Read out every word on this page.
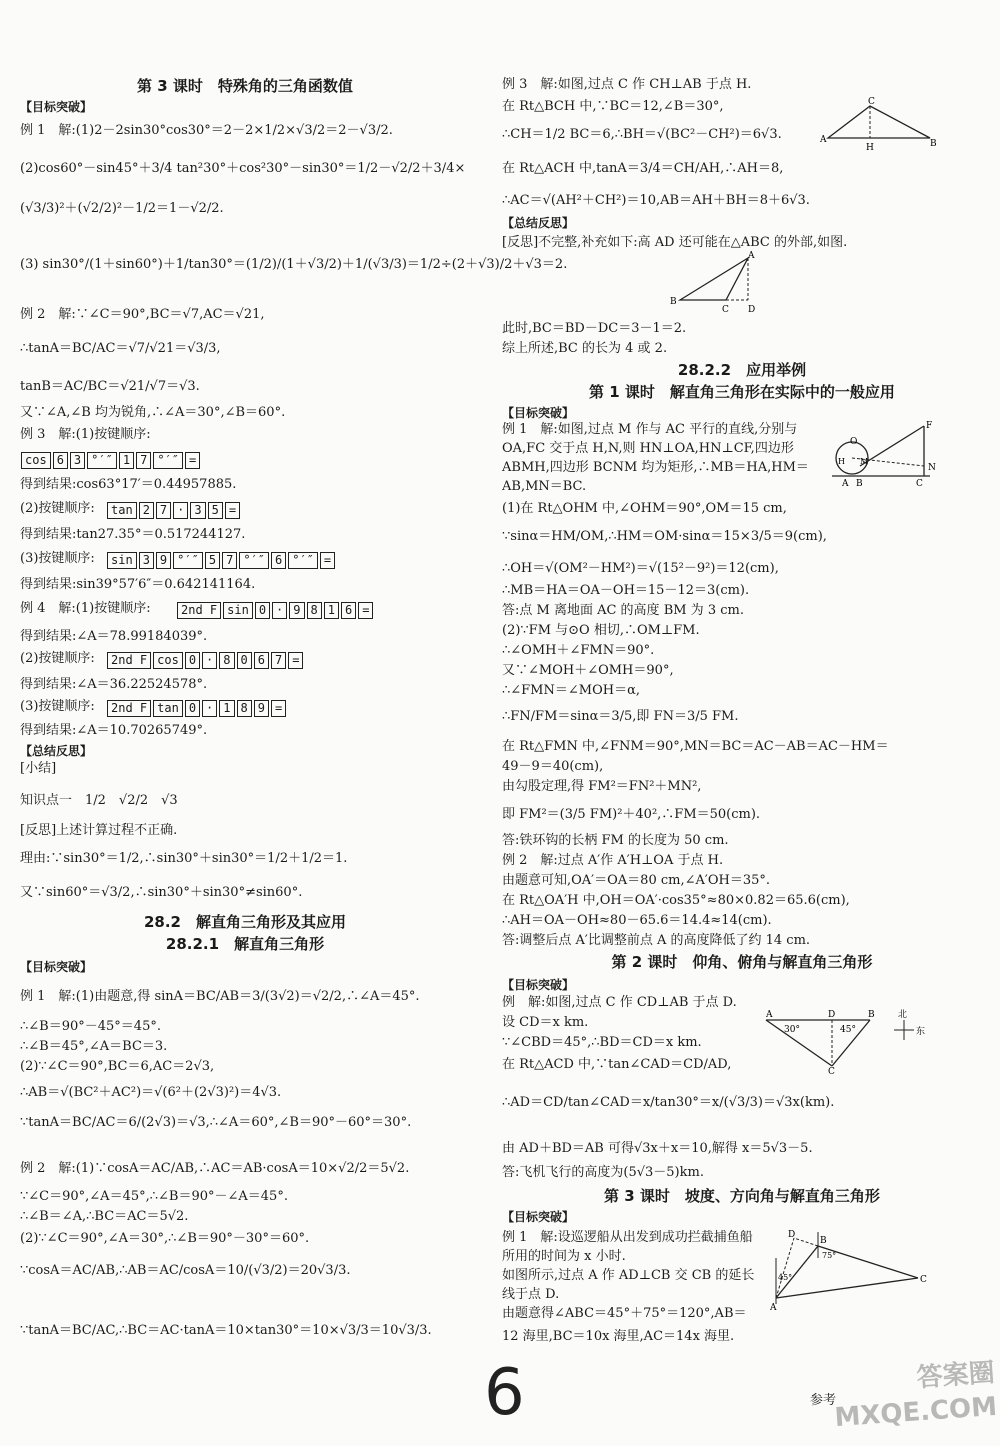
例 1　解:如图,过点 M 作与 AC 平行的直线,分别与 OA,FC 交于点 H,N,则 HN⊥OA,HN⊥CF,四边形 ABMH,四边形 BCNM 均为矩形,∴MB＝HA,HM＝AB,MN＝BC.
例 1　解:设巡逻船从出发到成功拦截捕鱼船所用的时间为 x 小时.
如图所示,过点 A 作 AD⊥CB 交 CB 的延长线于点 D.
由题意得∠ABC＝45°＋75°＝120°,AB＝
C
A
H	B
A
B
C D
O
F
H M
A B	C
N
A
30°
D
45°
B
C
北
东
D
B
75°
45°
A
C
6	答案圈 MXQE.COM
第 3 课时　特殊角的三角函数值
【目标突破】
例 1　解:(1)2－2sin30°cos30°＝2－2×1/2×√3/2＝2－√3/2.
(2)cos60°－sin45°＋3/4 tan²30°＋cos²30°－sin30°＝1/2－√2/2＋3/4×
(√3/3)²＋(√2/2)²－1/2＝1－√2/2.
(3) sin30°/(1＋sin60°)＋1/tan30°＝(1/2)/(1＋√3/2)＋1/(√3/3)＝1/2÷(2＋√3)/2＋√3＝2.
例 2　解:∵∠C＝90°,BC＝√7,AC＝√21,
∴tanA＝BC/AC＝√7/√21＝√3/3,
tanB＝AC/BC＝√21/√7＝√3.
又∵∠A,∠B 均为锐角,∴∠A＝30°,∠B＝60°.
例 3　解:(1)按键顺序:
得到结果:cos63°17′＝0.44957885.
(2)按键顺序:
得到结果:tan27.35°＝0.517244127.
(3)按键顺序:
得到结果:sin39°57′6″＝0.642141164.
例 4　解:(1)按键顺序:
得到结果:∠A＝78.99184039°.
(2)按键顺序:
得到结果:∠A＝36.22524578°.
(3)按键顺序:
得到结果:∠A＝10.70265749°.
【总结反思】
[小结]
知识点一　1/2　√2/2　√3
[反思]上述计算过程不正确.
理由:∵sin30°＝1/2,∴sin30°＋sin30°＝1/2＋1/2＝1.
又∵sin60°＝√3/2,∴sin30°＋sin30°≠sin60°.
28.2　解直角三角形及其应用
28.2.1　解直角三角形
【目标突破】
例 1　解:(1)由题意,得 sinA＝BC/AB＝3/(3√2)＝√2/2,∴∠A＝45°.
∴∠B＝90°－45°＝45°.
∴∠B＝45°,∠A＝BC＝3.
(2)∵∠C＝90°,BC＝6,AC＝2√3,
∴AB＝√(BC²＋AC²)＝√(6²＋(2√3)²)＝4√3.
∵tanA＝BC/AC＝6/(2√3)＝√3,∴∠A＝60°,∠B＝90°－60°＝30°.
例 2　解:(1)∵cosA＝AC/AB,∴AC＝AB·cosA＝10×√2/2＝5√2.
∵∠C＝90°,∠A＝45°,∴∠B＝90°－∠A＝45°.
∴∠B＝∠A,∴BC＝AC＝5√2.
(2)∵∠C＝90°,∠A＝30°,∴∠B＝90°－30°＝60°.
∵cosA＝AC/AB,∴AB＝AC/cosA＝10/(√3/2)＝20√3/3.
∵tanA＝BC/AC,∴BC＝AC·tanA＝10×tan30°＝10×√3/3＝10√3/3.
例 3　解:如图,过点 C 作 CH⊥AB 于点 H.
在 Rt△BCH 中,∵BC＝12,∠B＝30°,
∴CH＝1/2 BC＝6,∴BH＝√(BC²－CH²)＝6√3.
在 Rt△ACH 中,tanA＝3/4＝CH/AH,∴AH＝8,
∴AC＝√(AH²＋CH²)＝10,AB＝AH＋BH＝8＋6√3.
【总结反思】
[反思]不完整,补充如下:高 AD 还可能在△ABC 的外部,如图.
此时,BC＝BD－DC＝3－1＝2.
综上所述,BC 的长为 4 或 2.
28.2.2　应用举例
第 1 课时　解直角三角形在实际中的一般应用
【目标突破】
(1)在 Rt△OHM 中,∠OHM＝90°,OM＝15 cm,
∵sinα＝HM/OM,∴HM＝OM·sinα＝15×3/5＝9(cm),
∴OH＝√(OM²－HM²)＝√(15²－9²)＝12(cm),
∴MB＝HA＝OA－OH＝15－12＝3(cm).
答:点 M 离地面 AC 的高度 BM 为 3 cm.
(2)∵FM 与⊙O 相切,∴OM⊥FM.
∴∠OMH＋∠FMN＝90°.
又∵∠MOH＋∠OMH＝90°,
∴∠FMN＝∠MOH＝α,
∴FN/FM＝sinα＝3/5,即 FN＝3/5 FM.
在 Rt△FMN 中,∠FNM＝90°,MN＝BC＝AC－AB＝AC－HM＝
49－9＝40(cm),
由勾股定理,得 FM²＝FN²＋MN²,
即 FM²＝(3/5 FM)²＋40²,∴FM＝50(cm).
答:铁环钩的长柄 FM 的长度为 50 cm.
例 2　解:过点 A′作 A′H⊥OA 于点 H.
由题意可知,OA′＝OA＝80 cm,∠A′OH＝35°.
在 Rt△OA′H 中,OH＝OA′·cos35°≈80×0.82＝65.6(cm),
∴AH＝OA－OH≈80－65.6＝14.4≈14(cm).
答:调整后点 A′比调整前点 A 的高度降低了约 14 cm.
第 2 课时　仰角、俯角与解直角三角形
【目标突破】
例　解:如图,过点 C 作 CD⊥AB 于点 D.
设 CD＝x km.
∵∠CBD＝45°,∴BD＝CD＝x km.
在 Rt△ACD 中,∵tan∠CAD＝CD/AD,
∴AD＝CD/tan∠CAD＝x/tan30°＝x/(√3/3)＝√3x(km).
由 AD＋BD＝AB 可得√3x＋x＝10,解得 x＝5√3－5.
答:飞机飞行的高度为(5√3－5)km.
第 3 课时　坡度、方向角与解直角三角形
【目标突破】
12 海里,BC＝10x 海里,AC＝14x 海里.
参考
cos 6 3 °′″ 1 7 °′″ =
tan 2 7 · 3 5 =
sin 3 9 °′″ 5 7 °′″ 6 °′″ =
2nd F sin 0 · 9 8 1 6 =
2nd F cos 0 · 8 0 6 7 =
2nd F tan 0 · 1 8 9 =
